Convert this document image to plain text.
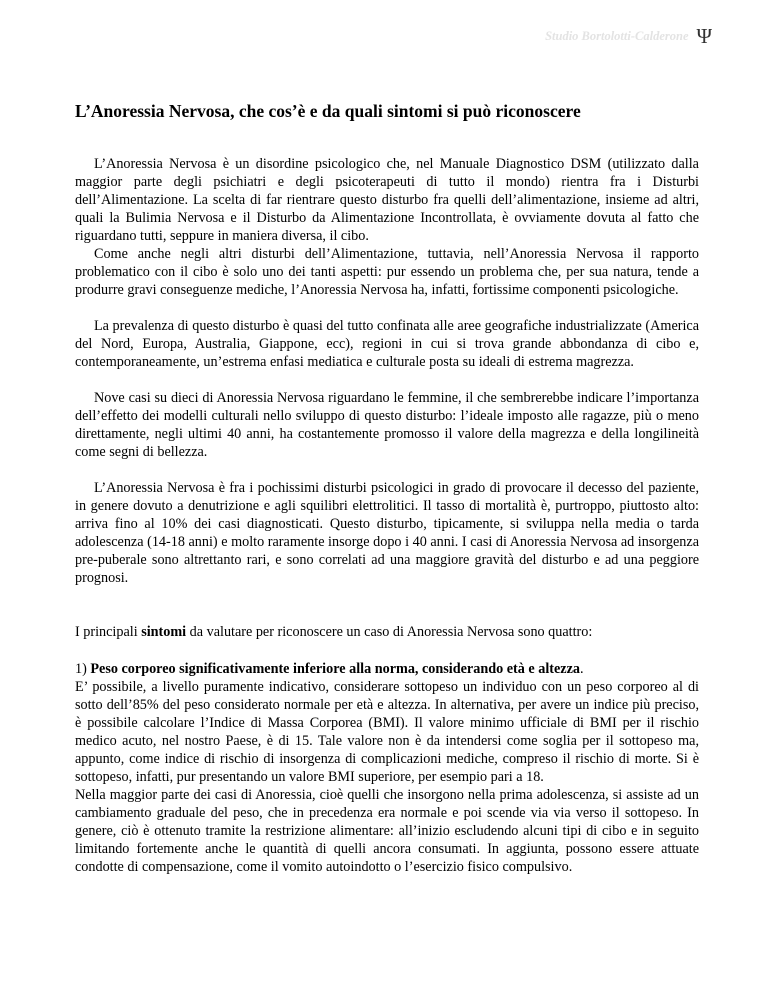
Studio Bortolotti-Calderone Ψ
L’Anoressia Nervosa, che cos’è e da quali sintomi si può riconoscere

L’Anoressia Nervosa è un disordine psicologico che, nel Manuale Diagnostico DSM (utilizzato dalla maggior parte degli psichiatri e degli psicoterapeuti di tutto il mondo) rientra fra i Disturbi dell’Alimentazione. La scelta di far rientrare questo disturbo fra quelli dell’alimentazione, insieme ad altri, quali la Bulimia Nervosa e il Disturbo da Alimentazione Incontrollata, è ovviamente dovuta al fatto che riguardano tutti, seppure in maniera diversa, il cibo.

Come anche negli altri disturbi dell’Alimentazione, tuttavia, nell’Anoressia Nervosa il rapporto problematico con il cibo è solo uno dei tanti aspetti: pur essendo un problema che, per sua natura, tende a produrre gravi conseguenze mediche, l’Anoressia Nervosa ha, infatti, fortissime componenti psicologiche.

La prevalenza di questo disturbo è quasi del tutto confinata alle aree geografiche industrializzate (America del Nord, Europa, Australia, Giappone, ecc), regioni in cui si trova grande abbondanza di cibo e, contemporaneamente, un’estrema enfasi mediatica e culturale posta su ideali di estrema magrezza.

Nove casi su dieci di Anoressia Nervosa riguardano le femmine, il che sembrerebbe indicare l’importanza dell’effetto dei modelli culturali nello sviluppo di questo disturbo: l’ideale imposto alle ragazze, più o meno direttamente, negli ultimi 40 anni, ha costantemente promosso il valore della magrezza e della longilineità come segni di bellezza.

L’Anoressia Nervosa è fra i pochissimi disturbi psicologici in grado di provocare il decesso del paziente, in genere dovuto a denutrizione e agli squilibri elettrolitici. Il tasso di mortalità è, purtroppo, piuttosto alto: arriva fino al 10% dei casi diagnosticati. Questo disturbo, tipicamente, si sviluppa nella media o tarda adolescenza (14-18 anni) e molto raramente insorge dopo i 40 anni. I casi di Anoressia Nervosa ad insorgenza pre-puberale sono altrettanto rari, e sono correlati ad una maggiore gravità del disturbo e ad una peggiore prognosi.

I principali sintomi da valutare per riconoscere un caso di Anoressia Nervosa sono quattro:

1) Peso corporeo significativamente inferiore alla norma, considerando età e altezza.

E’ possibile, a livello puramente indicativo, considerare sottopeso un individuo con un peso corporeo al di sotto dell’85% del peso considerato normale per età e altezza. In alternativa, per avere un indice più preciso, è possibile calcolare l’Indice di Massa Corporea (BMI). Il valore minimo ufficiale di BMI per il rischio medico acuto, nel nostro Paese, è di 15. Tale valore non è da intendersi come soglia per il sottopeso ma, appunto, come indice di rischio di insorgenza di complicazioni mediche, compreso il rischio di morte. Si è sottopeso, infatti, pur presentando un valore BMI superiore, per esempio pari a 18.

Nella maggior parte dei casi di Anoressia, cioè quelli che insorgono nella prima adolescenza, si assiste ad un cambiamento graduale del peso, che in precedenza era normale e poi scende via via verso il sottopeso. In genere, ciò è ottenuto tramite la restrizione alimentare: all’inizio escludendo alcuni tipi di cibo e in seguito limitando fortemente anche le quantità di quelli ancora consumati. In aggiunta, possono essere attuate condotte di compensazione, come il vomito autoindotto o l’esercizio fisico compulsivo.
